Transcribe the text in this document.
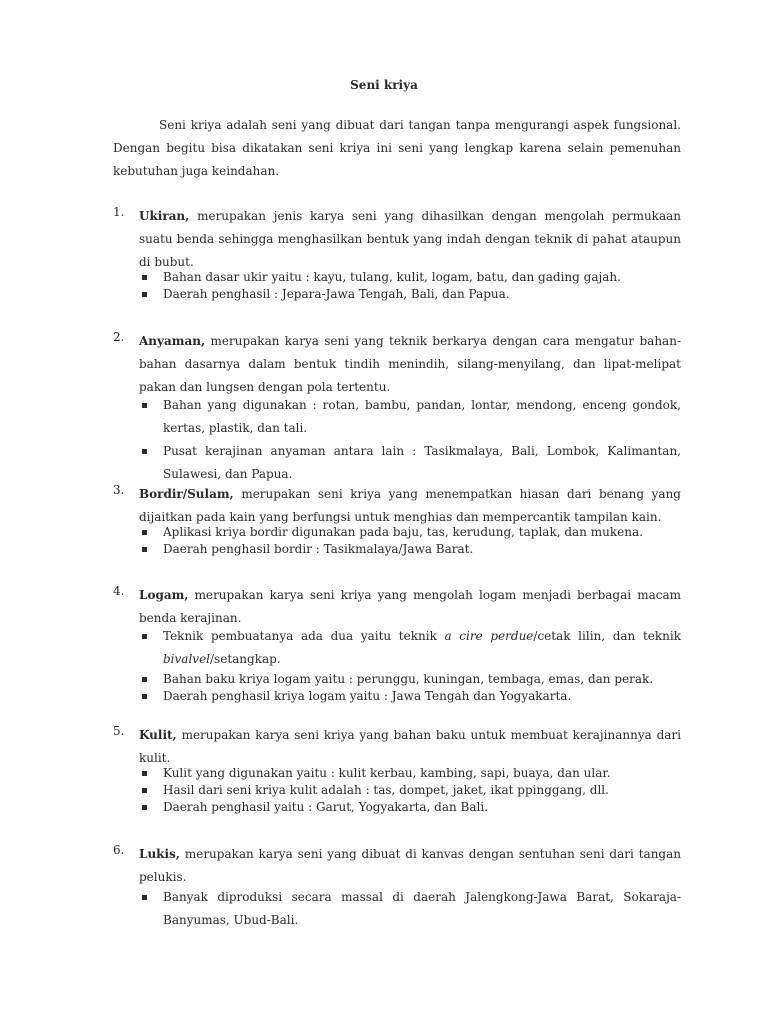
Seni kriya
Seni kriya adalah seni yang dibuat dari tangan tanpa mengurangi aspek fungsional. Dengan begitu bisa dikatakan seni kriya ini seni yang lengkap karena selain pemenuhan kebutuhan juga keindahan.
1.	Ukiran, merupakan jenis karya seni yang dihasilkan dengan mengolah permukaan suatu benda sehingga menghasilkan bentuk yang indah dengan teknik di pahat ataupun di bubut.
Bahan dasar ukir yaitu : kayu, tulang, kulit, logam, batu, dan gading gajah.
Daerah penghasil : Jepara-Jawa Tengah, Bali, dan Papua.
2.	Anyaman, merupakan karya seni yang teknik berkarya dengan cara mengatur bahan-bahan dasarnya dalam bentuk tindih menindih, silang-menyilang, dan lipat-melipat pakan dan lungsen dengan pola tertentu.
Bahan yang digunakan : rotan, bambu, pandan, lontar, mendong, enceng gondok, kertas, plastik, dan tali.
Pusat kerajinan anyaman antara lain : Tasikmalaya, Bali, Lombok, Kalimantan, Sulawesi, dan Papua.
3.	Bordir/Sulam, merupakan seni kriya yang menempatkan hiasan dari benang yang dijaitkan pada kain yang berfungsi untuk menghias dan mempercantik tampilan kain.
Aplikasi kriya bordir digunakan pada baju, tas, kerudung, taplak, dan mukena.
Daerah penghasil bordir : Tasikmalaya/Jawa Barat.
4.	Logam, merupakan karya seni kriya yang mengolah logam menjadi berbagai macam benda kerajinan.
Teknik pembuatanya ada dua yaitu teknik a cire perdue/cetak lilin, dan teknik bivalvel/setangkap.
Bahan baku kriya logam yaitu : perunggu, kuningan, tembaga, emas, dan perak.
Daerah penghasil kriya logam yaitu : Jawa Tengah dan Yogyakarta.
5.	Kulit, merupakan karya seni kriya yang bahan baku untuk membuat kerajinannya dari kulit.
Kulit yang digunakan yaitu : kulit kerbau, kambing, sapi, buaya, dan ular.
Hasil dari seni kriya kulit adalah : tas, dompet, jaket, ikat ppinggang, dll.
Daerah penghasil yaitu : Garut, Yogyakarta, dan Bali.
6.	Lukis, merupakan karya seni yang dibuat di kanvas dengan sentuhan seni dari tangan pelukis.
Banyak diproduksi secara massal di daerah Jalengkong-Jawa Barat, Sokaraja-Banyumas, Ubud-Bali.
